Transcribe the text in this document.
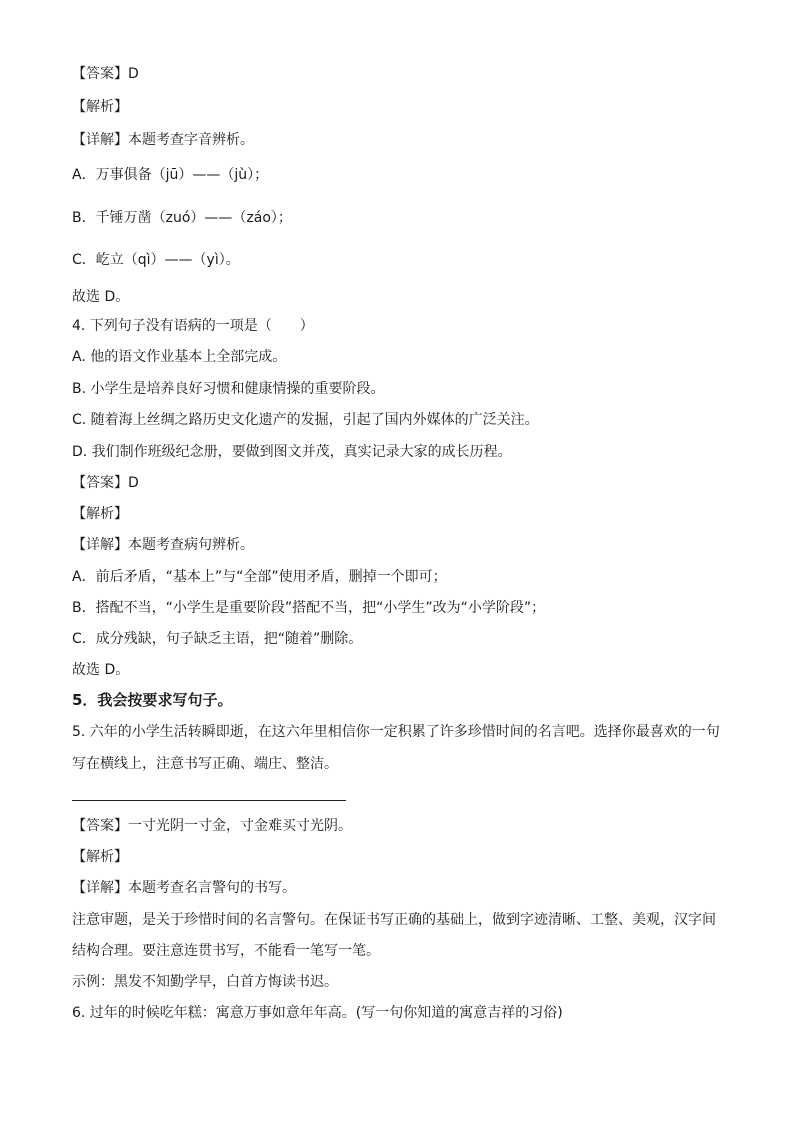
【答案】D
【解析】
【详解】本题考查字音辨析。
A．万事俱备（jū）——（jù）；
B．千锤万凿（zuó）——（záo）；
C．屹立（qì）——（yì）。
故选 D。
4. 下列句子没有语病的一项是（　　）
A. 他的语文作业基本上全部完成。
B. 小学生是培养良好习惯和健康情操的重要阶段。
C. 随着海上丝绸之路历史文化遗产的发掘，引起了国内外媒体的广泛关注。
D. 我们制作班级纪念册，要做到图文并茂，真实记录大家的成长历程。
【答案】D
【解析】
【详解】本题考查病句辨析。
A．前后矛盾，“基本上”与“全部”使用矛盾，删掉一个即可；
B．搭配不当，“小学生是重要阶段”搭配不当，把“小学生”改为“小学阶段”；
C．成分残缺，句子缺乏主语，把“随着”删除。
故选 D。
5．我会按要求写句子。
5. 六年的小学生活转瞬即逝，在这六年里相信你一定积累了许多珍惜时间的名言吧。选择你最喜欢的一句
写在横线上，注意书写正确、端庄、整洁。
【答案】一寸光阴一寸金，寸金难买寸光阴。
【解析】
【详解】本题考查名言警句的书写。
注意审题，是关于珍惜时间的名言警句。在保证书写正确的基础上，做到字迹清晰、工整、美观，汉字间
结构合理。要注意连贯书写，不能看一笔写一笔。
示例：黑发不知勤学早，白首方悔读书迟。
6. 过年的时候吃年糕：寓意万事如意年年高。(写一句你知道的寓意吉祥的习俗)
